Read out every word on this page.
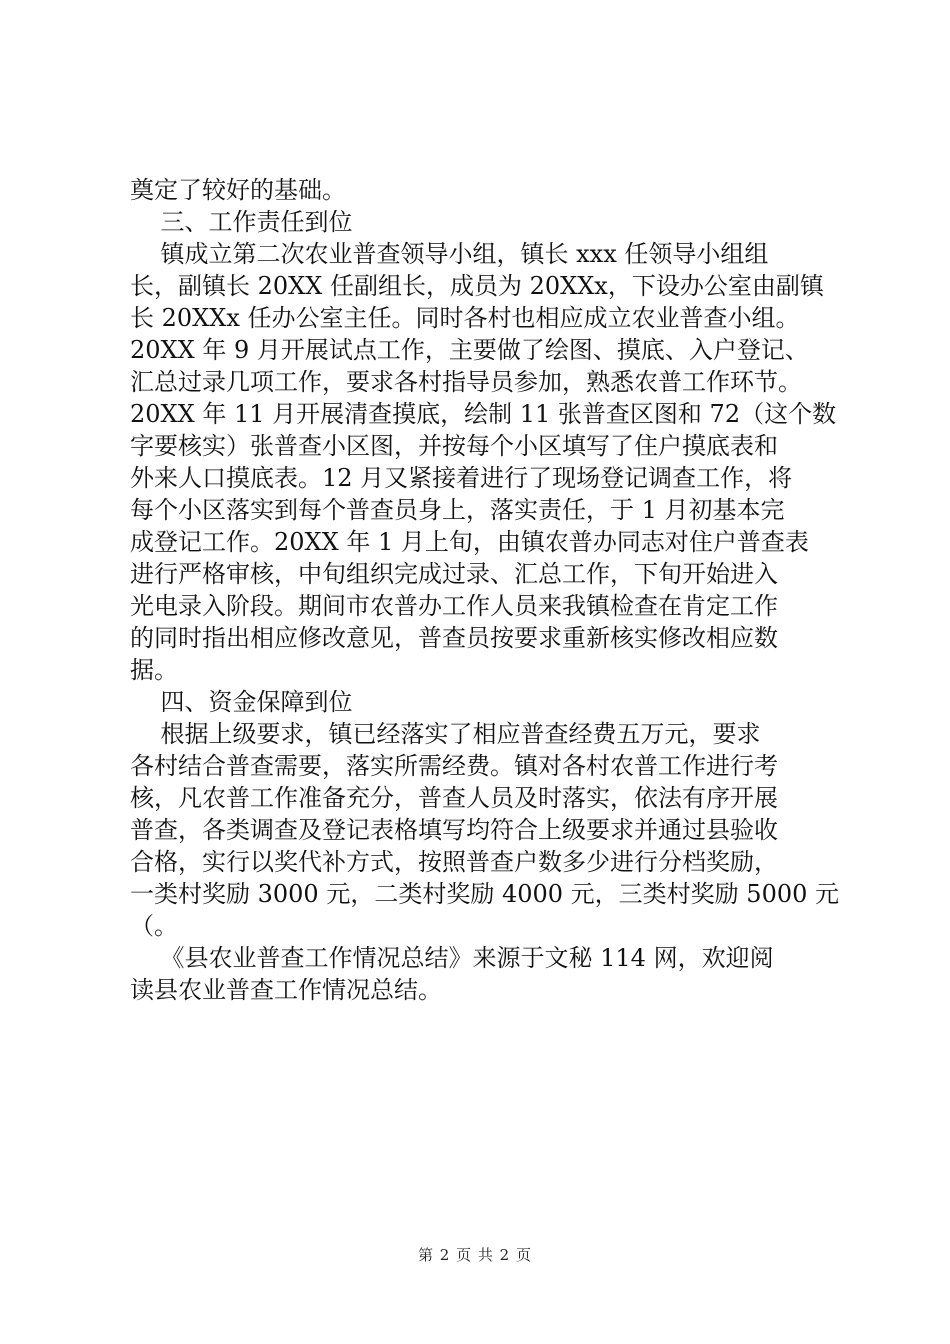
奠定了较好的基础。
三、工作责任到位
镇成立第二次农业普查领导小组，镇长 xxx 任领导小组组
长，副镇长 20XX 任副组长，成员为 20XXx，下设办公室由副镇
长 20XXx 任办公室主任。同时各村也相应成立农业普查小组。
20XX 年 9 月开展试点工作，主要做了绘图、摸底、入户登记、
汇总过录几项工作，要求各村指导员参加，熟悉农普工作环节。
20XX 年 11 月开展清查摸底，绘制 11 张普查区图和 72（这个数
字要核实）张普查小区图，并按每个小区填写了住户摸底表和
外来人口摸底表。12 月又紧接着进行了现场登记调查工作，将
每个小区落实到每个普查员身上，落实责任，于 1 月初基本完
成登记工作。20XX 年 1 月上旬，由镇农普办同志对住户普查表
进行严格审核，中旬组织完成过录、汇总工作，下旬开始进入
光电录入阶段。期间市农普办工作人员来我镇检查在肯定工作
的同时指出相应修改意见，普查员按要求重新核实修改相应数
据。
四、资金保障到位
根据上级要求，镇已经落实了相应普查经费五万元，要求
各村结合普查需要，落实所需经费。镇对各村农普工作进行考
核，凡农普工作准备充分，普查人员及时落实，依法有序开展
普查，各类调查及登记表格填写均符合上级要求并通过县验收
合格，实行以奖代补方式，按照普查户数多少进行分档奖励，
一类村奖励 3000 元，二类村奖励 4000 元，三类村奖励 5000 元
（。
《县农业普查工作情况总结》来源于文秘 114 网，欢迎阅
读县农业普查工作情况总结。
第 2 页 共 2 页
